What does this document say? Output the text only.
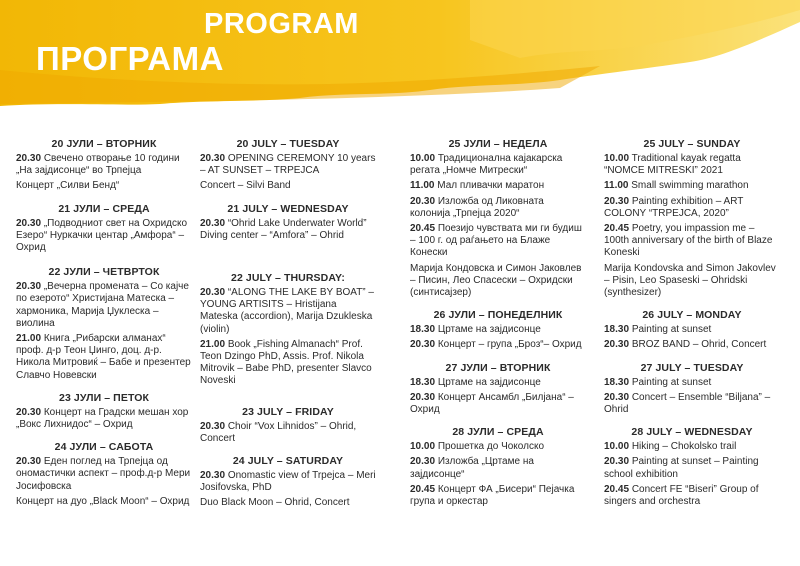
PROGRAM
ПРОГРАМА
20 ЈУЛИ – ВТОРНИК
20.30 Свечено отворање 10 години „На зајдисонце“ во Трпејца
Концерт „Силви Бенд“
21 ЈУЛИ – СРЕДА
20.30 „Подводниот свет на Охридско Езеро“ Нуркачки центар „Амфора“ – Охрид
22 ЈУЛИ – ЧЕТВРТОК
20.30 „Вечерна промената – Со кајче по езерото“ Христијана Матеска – хармоника, Марија Џуклеска – виолина
21.00 Книга „Рибарски алманах“ проф. д-р Теон Џинго, доц. д-р. Никола Митровиќ – Бабе и презентер Славчо Новевски
23 ЈУЛИ – ПЕТОК
20.30 Концерт на Градски мешан хор „Вокс Лихнидос“ – Охрид
24 ЈУЛИ – САБОТА
20.30 Еден поглед на Трпејца од ономастички аспект – проф.д-р Мери Јосифовска
Концерт на дуо „Black Moon“ – Охрид
20 JULY – TUESDAY
20.30 OPENING CEREMONY 10 years – AT SUNSET – TRPEJCA
Concert – Silvi Band
21 JULY – WEDNESDAY
20.30 “Ohrid Lake Underwater World” Diving center – “Amfora” – Ohrid
22 JULY – THURSDAY:
20.30 “ALONG THE LAKE BY BOAT” – YOUNG ARTISITS – Hristijana Mateska (accordion), Marija Dzukleska (violin)
21.00 Book „Fishing Almanach“ Prof. Teon Dzingo PhD, Assis. Prof. Nikola Mitrovik – Babe PhD, presenter Slavco Noveski
23 JULY – FRIDAY
20.30 Choir “Vox Lihnidos” – Ohrid, Concert
24 JULY – SATURDAY
20.30 Onomastic view of Trpejca – Meri Josifovska, PhD
Duo Black Moon – Ohrid, Concert
25 ЈУЛИ – НЕДЕЛА
10.00 Традиционална кајакарска регата „Номче Митрески“
11.00 Мал пливачки маратон
20.30 Изложба од Ликовната колонија „Трпејца 2020“
20.45 Поезијо чувствата ми ги будиш – 100 г. од раѓањето на Блаже Конески
Марија Кондовска и Симон Јаковлев – Писин, Лео Спасески – Охридски (синтисајзер)
26 ЈУЛИ – ПОНЕДЕЛНИК
18.30 Цртаме на зајдисонце
20.30 Концерт – група „Броз“– Охрид
27 ЈУЛИ – ВТОРНИК
18.30 Цртаме на зајдисонце
20.30 Концерт Ансамбл „Билјана“ – Охрид
28 ЈУЛИ – СРЕДА
10.00 Прошетка до Чоколско
20.30 Изложба „Цртаме на зајдисонце“
20.45 Концерт ФА „Бисери“ Пејачка група и оркестар
25 JULY – SUNDAY
10.00 Traditional kayak regatta “NOMCE MITRESKI” 2021
11.00 Small swimming marathon
20.30 Painting exhibition – ART COLONY “TRPEJCA, 2020”
20.45 Poetry, you impassion me – 100th anniversary of the birth of Blaze Koneski
Marija Kondovska and Simon Jakovlev – Pisin, Leo Spaseski – Ohridski (synthesizer)
26 JULY – MONDAY
18.30 Painting at sunset
20.30 BROZ BAND – Ohrid, Concert
27 JULY – TUESDAY
18.30 Painting at sunset
20.30 Concert – Ensemble “Biljana” – Ohrid
28 JULY – WEDNESDAY
10.00 Hiking – Chokolsko trail
20.30 Painting at sunset – Painting school exhibition
20.45 Concert FE “Biseri” Group of singers and orchestra
